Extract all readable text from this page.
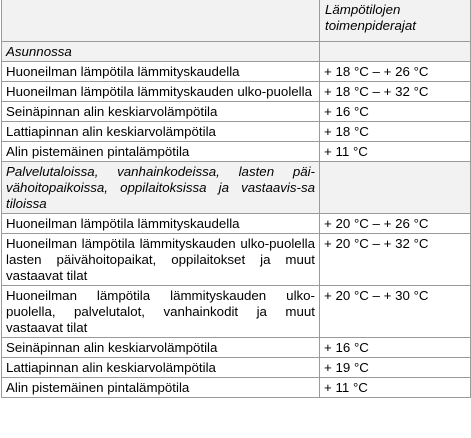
	Lämpötilojen
toimenpiderajat

Asunnossa	
Huoneilman lämpötila lämmityskaudella	+ 18 °C – + 26 °C
Huoneilman lämpötila lämmityskauden ulko-puolella	+ 18 °C – + 32 °C
Seinäpinnan alin keskiarvolämpötila	+ 16 °C
Lattiapinnan alin keskiarvolämpötila	+ 18 °C
Alin pistemäinen pintalämpötila	+ 11 °C
Palvelutaloissa, vanhainkodeissa, lasten päi-vähoitopaikoissa, oppilaitoksissa ja vastaavis-sa tiloissa	
Huoneilman lämpötila lämmityskaudella	+ 20 °C – + 26 °C
Huoneilman lämpötila lämmityskauden ulko-puolella lasten päivähoitopaikat, oppilaitokset ja muut vastaavat tilat	+ 20 °C – + 32 °C
Huoneilman lämpötila lämmityskauden ulko-puolella, palvelutalot, vanhainkodit ja muut vastaavat tilat	+ 20 °C – + 30 °C
Seinäpinnan alin keskiarvolämpötila	+ 16 °C
Lattiapinnan alin keskiarvolämpötila	+ 19 °C
Alin pistemäinen pintalämpötila	+ 11 °C
